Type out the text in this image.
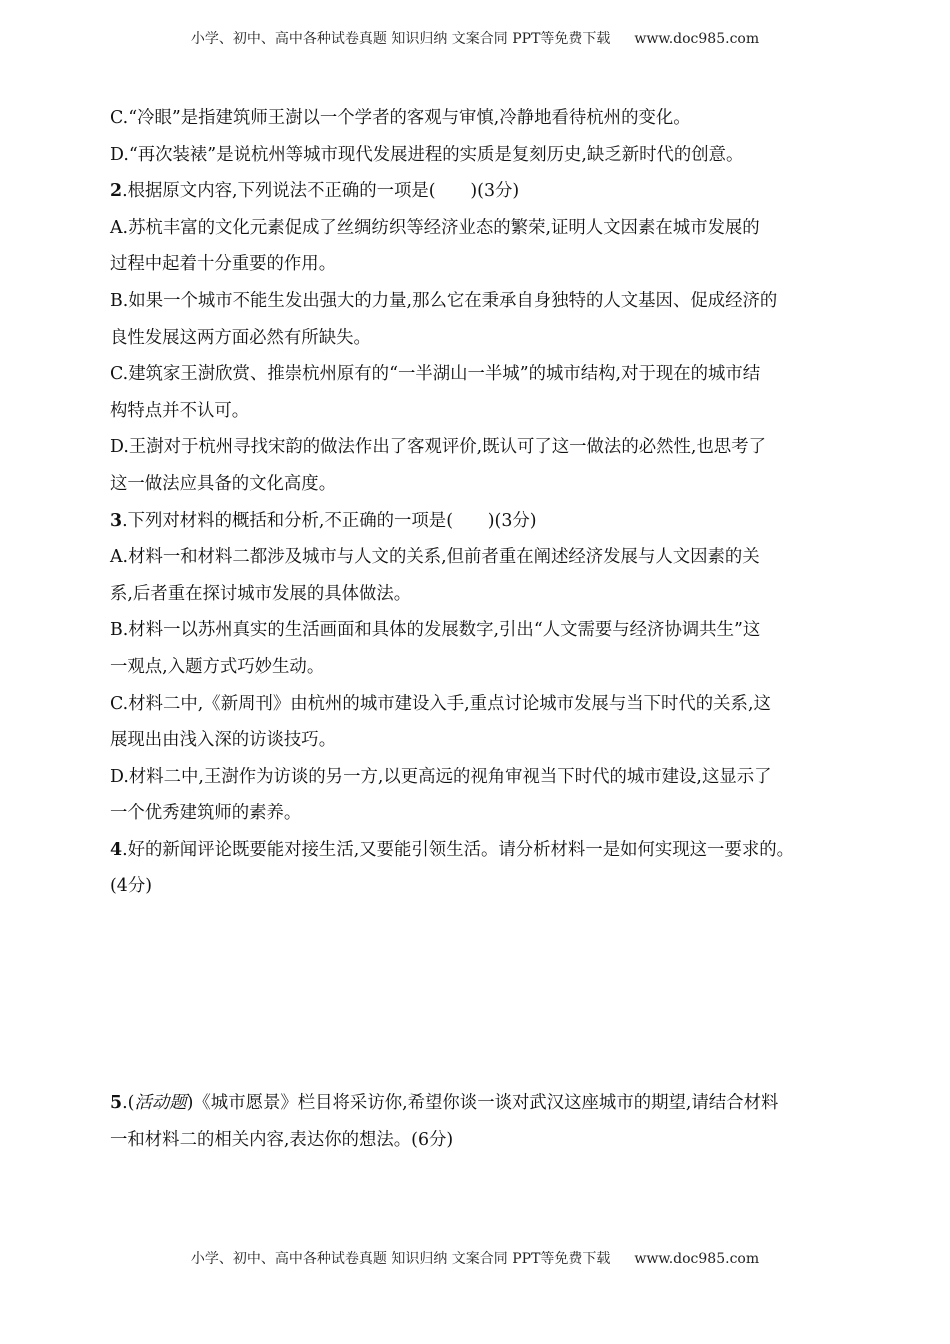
小学、初中、高中各种试卷真题 知识归纳 文案合同 PPT等免费下载 www.doc985.com
C.“冷眼”是指建筑师王澍以一个学者的客观与审慎,冷静地看待杭州的变化。
D.“再次装裱”是说杭州等城市现代发展进程的实质是复刻历史,缺乏新时代的创意。
2.根据原文内容,下列说法不正确的一项是(　　)(3分)
A.苏杭丰富的文化元素促成了丝绸纺织等经济业态的繁荣,证明人文因素在城市发展的
过程中起着十分重要的作用。
B.如果一个城市不能生发出强大的力量,那么它在秉承自身独特的人文基因、促成经济的
良性发展这两方面必然有所缺失。
C.建筑家王澍欣赏、推崇杭州原有的“一半湖山一半城”的城市结构,对于现在的城市结
构特点并不认可。
D.王澍对于杭州寻找宋韵的做法作出了客观评价,既认可了这一做法的必然性,也思考了
这一做法应具备的文化高度。
3.下列对材料的概括和分析,不正确的一项是(　　)(3分)
A.材料一和材料二都涉及城市与人文的关系,但前者重在阐述经济发展与人文因素的关
系,后者重在探讨城市发展的具体做法。
B.材料一以苏州真实的生活画面和具体的发展数字,引出“人文需要与经济协调共生”这
一观点,入题方式巧妙生动。
C.材料二中,《新周刊》由杭州的城市建设入手,重点讨论城市发展与当下时代的关系,这
展现出由浅入深的访谈技巧。
D.材料二中,王澍作为访谈的另一方,以更高远的视角审视当下时代的城市建设,这显示了
一个优秀建筑师的素养。
4.好的新闻评论既要能对接生活,又要能引领生活。请分析材料一是如何实现这一要求的。
(4分)
5.(活动题)《城市愿景》栏目将采访你,希望你谈一谈对武汉这座城市的期望,请结合材料
一和材料二的相关内容,表达你的想法。(6分)
小学、初中、高中各种试卷真题 知识归纳 文案合同 PPT等免费下载 www.doc985.com
